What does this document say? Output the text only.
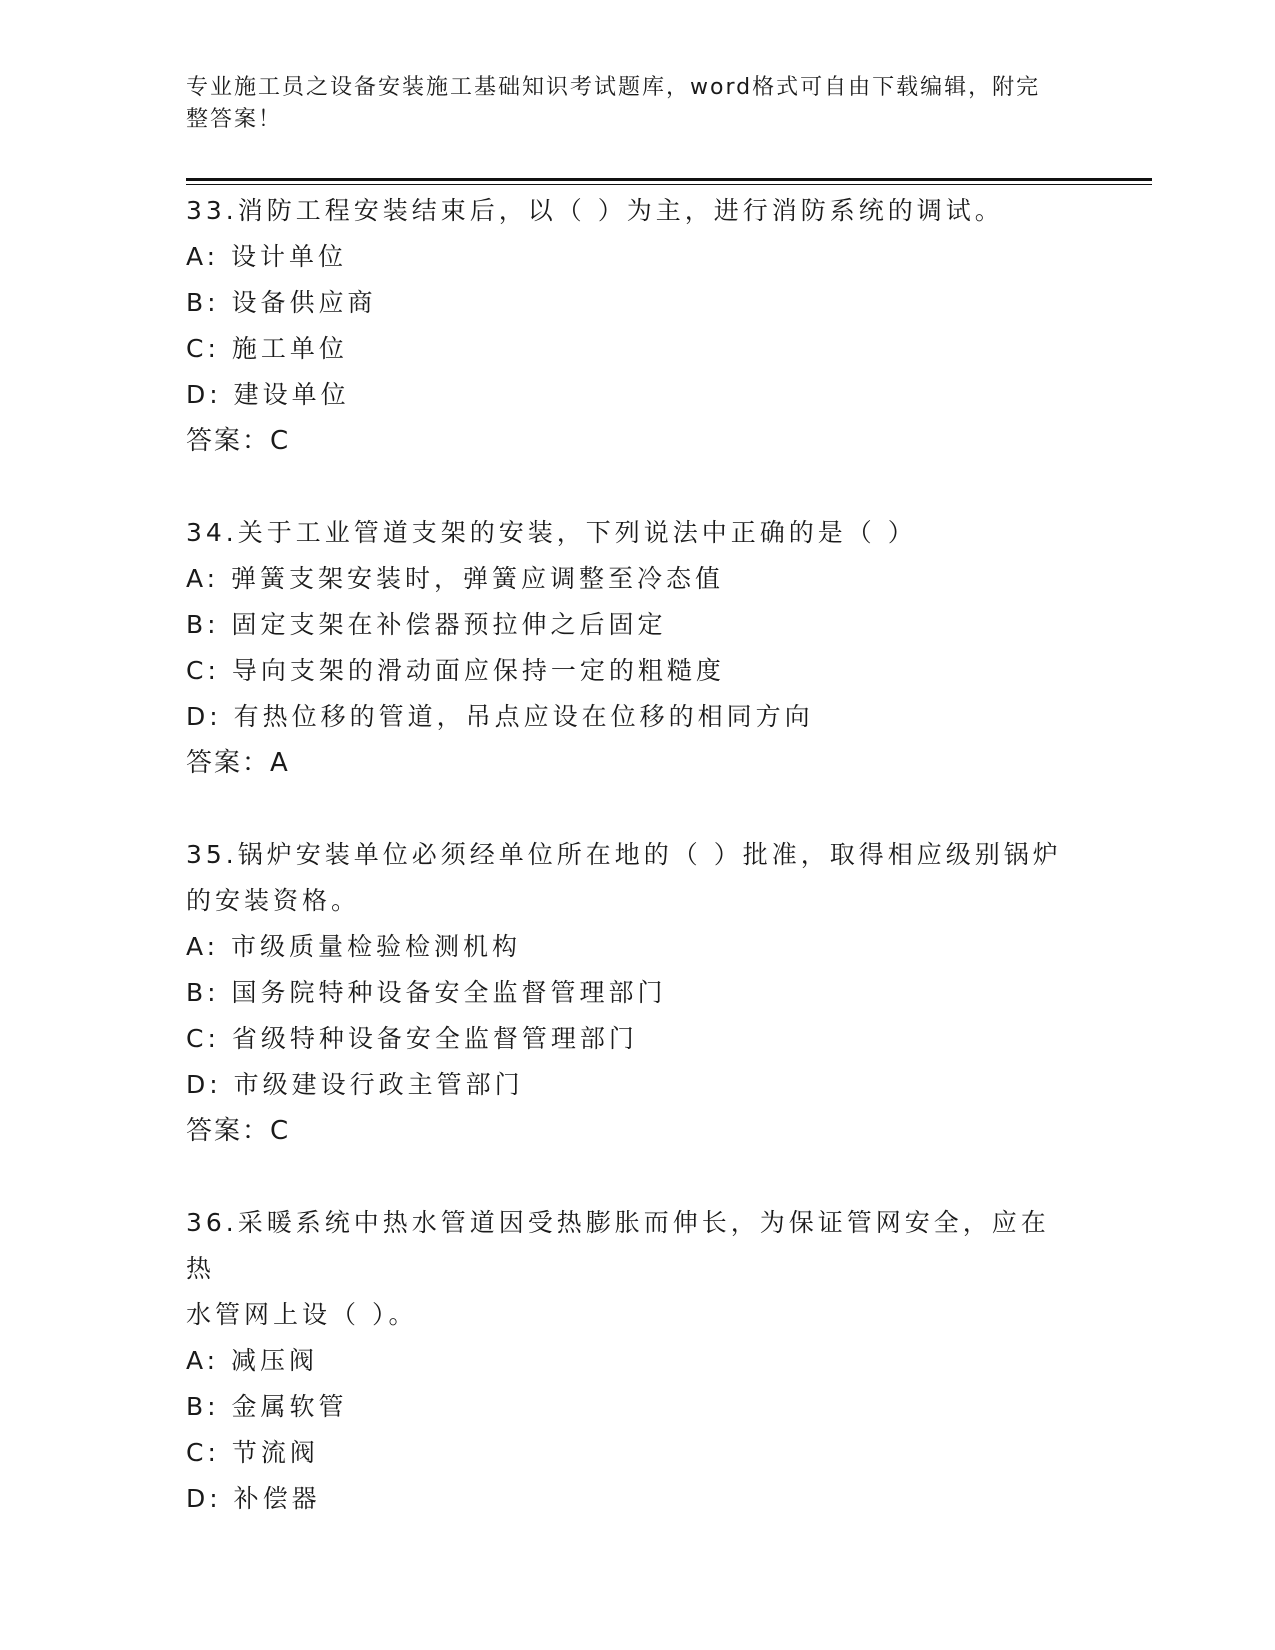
专业施工员之设备安装施工基础知识考试题库，word格式可自由下载编辑，附完
整答案！
33.消防工程安装结束后，以（ ）为主，进行消防系统的调试。
A: 设计单位
B: 设备供应商
C: 施工单位
D: 建设单位
答案：C
34.关于工业管道支架的安装，下列说法中正确的是（ ）
A: 弹簧支架安装时，弹簧应调整至冷态值
B: 固定支架在补偿器预拉伸之后固定
C: 导向支架的滑动面应保持一定的粗糙度
D: 有热位移的管道，吊点应设在位移的相同方向
答案：A
35.锅炉安装单位必须经单位所在地的（ ）批准，取得相应级别锅炉
的安装资格。
A: 市级质量检验检测机构
B: 国务院特种设备安全监督管理部门
C: 省级特种设备安全监督管理部门
D: 市级建设行政主管部门
答案：C
36.采暖系统中热水管道因受热膨胀而伸长，为保证管网安全，应在热
水管网上设（ ）。
A: 减压阀
B: 金属软管
C: 节流阀
D: 补偿器
